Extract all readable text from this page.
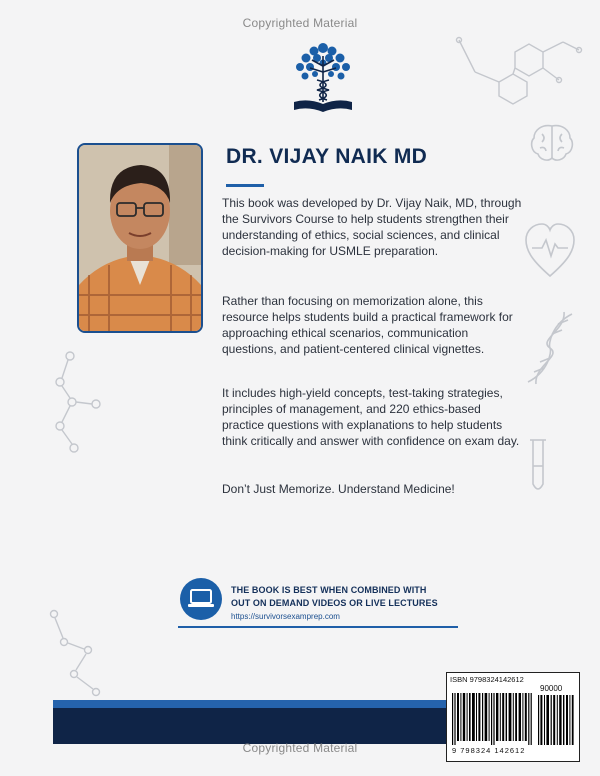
Copyrighted Material
DR. VIJAY NAIK MD

This book was developed by Dr. Vijay Naik, MD, through the Survivors Course to help students strengthen their understanding of ethics, social sciences, and clinical decision-making for USMLE preparation.

Rather than focusing on memorization alone, this resource helps students build a practical framework for approaching ethical scenarios, communication questions, and patient-centered clinical vignettes.

It includes high-yield concepts, test-taking strategies, principles of management, and 220 ethics-based practice questions with explanations to help students think critically and answer with confidence on exam day.

Don’t Just Memorize. Understand Medicine!

THE BOOK IS BEST WHEN COMBINED WITH
OUT ON DEMAND VIDEOS OR LIVE LECTURES
https://survivorsexamprep.com
ISBN 9798324142612
90000
9 798324 142612
Copyrighted Material
